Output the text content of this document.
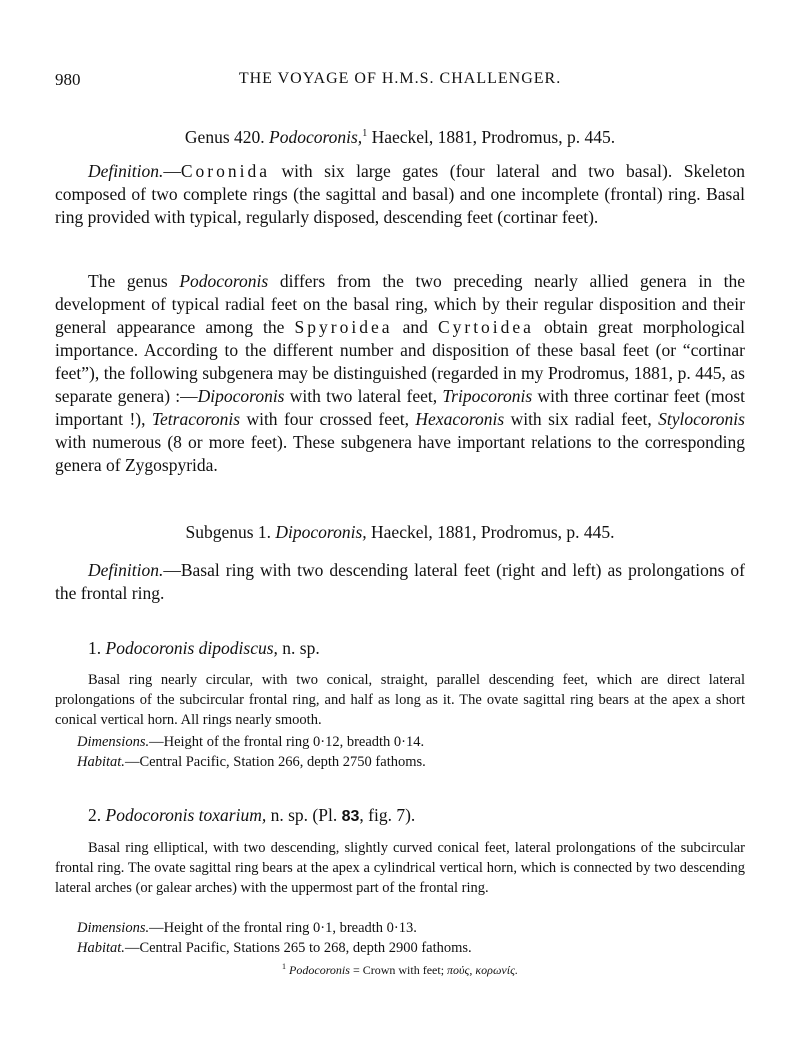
980	THE VOYAGE OF H.M.S. CHALLENGER.
Genus 420. Podocoronis,$^1$ Haeckel, 1881, Prodromus, p. 445.
Definition.—Coronida with six large gates (four lateral and two basal). Skeleton composed of two complete rings (the sagittal and basal) and one incomplete (frontal) ring. Basal ring provided with typical, regularly disposed, descending feet (cortinar feet).
The genus Podocoronis differs from the two preceding nearly allied genera in the development of typical radial feet on the basal ring, which by their regular disposition and their general appearance among the Spyroidea and Cyrtoidea obtain great morphological importance. According to the different number and disposition of these basal feet (or “cortinar feet”), the following subgenera may be distinguished (regarded in my Prodromus, 1881, p. 445, as separate genera) :—Dipocoronis with two lateral feet, Tripocoronis with three cortinar feet (most important !), Tetracoronis with four crossed feet, Hexacoronis with six radial feet, Stylocoronis with numerous (8 or more feet). These subgenera have important relations to the corresponding genera of Zygospyrida.
Subgenus 1. Dipocoronis, Haeckel, 1881, Prodromus, p. 445.
Definition.—Basal ring with two descending lateral feet (right and left) as prolongations of the frontal ring.
1. Podocoronis dipodiscus, n. sp.
Basal ring nearly circular, with two conical, straight, parallel descending feet, which are direct lateral prolongations of the subcircular frontal ring, and half as long as it. The ovate sagittal ring bears at the apex a short conical vertical horn. All rings nearly smooth.
Dimensions.—Height of the frontal ring 0·12, breadth 0·14.
Habitat.—Central Pacific, Station 266, depth 2750 fathoms.
2. Podocoronis toxarium, n. sp. (Pl. 83, fig. 7).
Basal ring elliptical, with two descending, slightly curved conical feet, lateral prolongations of the subcircular frontal ring. The ovate sagittal ring bears at the apex a cylindrical vertical horn, which is connected by two descending lateral arches (or galear arches) with the uppermost part of the frontal ring.
Dimensions.—Height of the frontal ring 0·1, breadth 0·13.
Habitat.—Central Pacific, Stations 265 to 268, depth 2900 fathoms.
$^1$ Podocoronis = Crown with feet; πούς, κορωνίς.
